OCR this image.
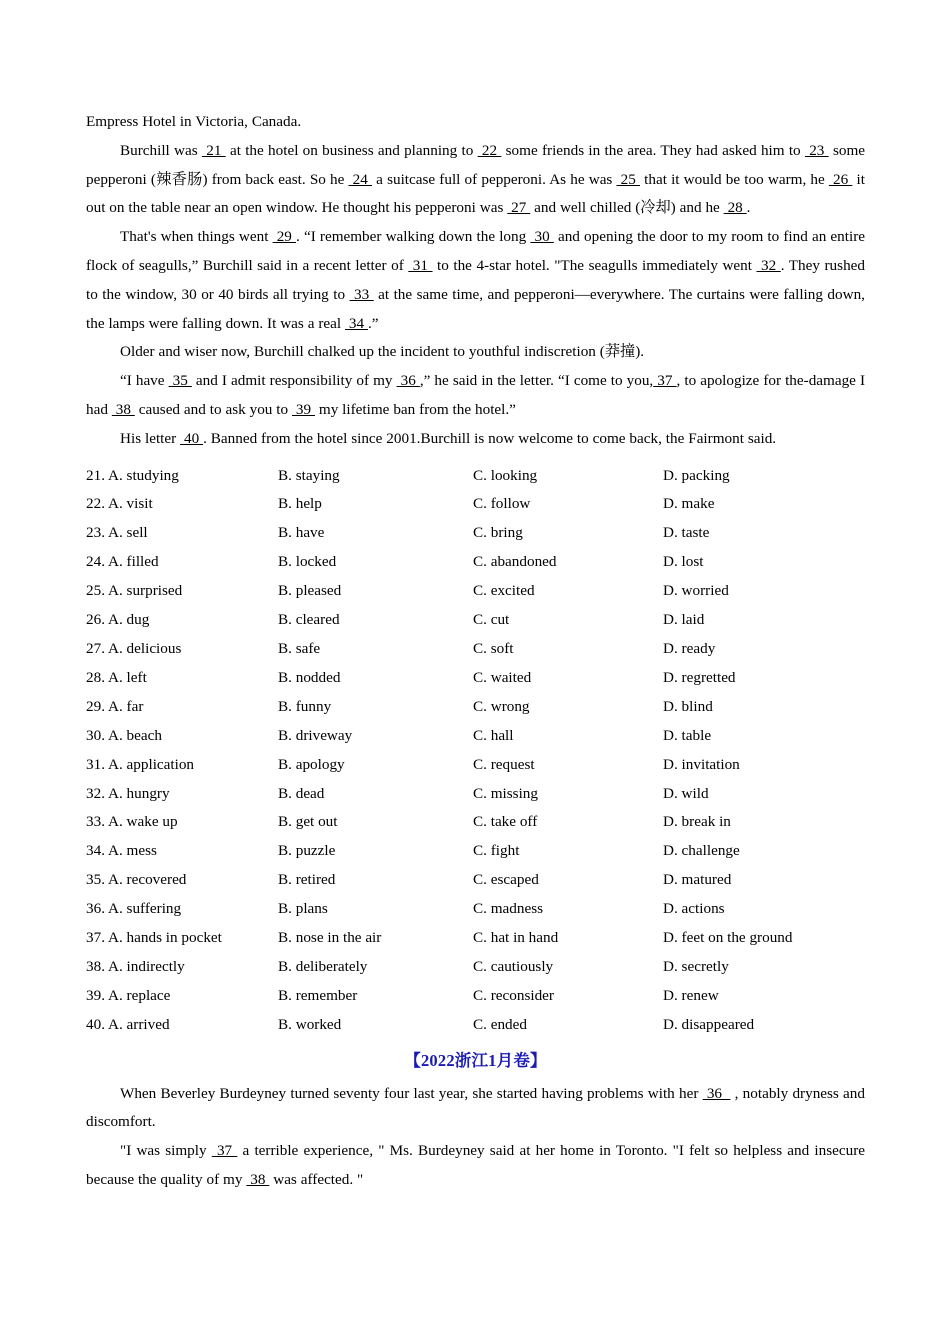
Empress Hotel in Victoria, Canada.

Burchill was  21  at the hotel on business and planning to  22  some friends in the area. They had asked him to  23  some pepperoni (辣香肠) from back east. So he  24  a suitcase full of pepperoni. As he was  25  that it would be too warm, he  26  it out on the table near an open window. He thought his pepperoni was  27  and well chilled (冷却) and he  28 .

That's when things went  29 . “I remember walking down the long  30  and opening the door to my room to find an entire flock of seagulls,” Burchill said in a recent letter of  31  to the 4-star hotel. "The seagulls immediately went  32 . They rushed to the window, 30 or 40 birds all trying to  33  at the same time, and pepperoni—everywhere. The curtains were falling down, the lamps were falling down. It was a real  34 .”

Older and wiser now, Burchill chalked up the incident to youthful indiscretion (莽撞).

“I have  35  and I admit responsibility of my  36 ,” he said in the letter. “I come to you, 37 , to apologize for the-damage I had  38  caused and to ask you to  39  my lifetime ban from the hotel.”

His letter  40 . Banned from the hotel since 2001.Burchill is now welcome to come back, the Fairmont said.

21. A. studying	B. staying	C. looking	D. packing
22. A. visit	B. help	C. follow	D. make
23. A. sell	B. have	C. bring	D. taste
24. A. filled	B. locked	C. abandoned	D. lost
25. A. surprised	B. pleased	C. excited	D. worried
26. A. dug	B. cleared	C. cut	D. laid
27. A. delicious	B. safe	C. soft	D. ready
28. A. left	B. nodded	C. waited	D. regretted
29. A. far	B. funny	C. wrong	D. blind
30. A. beach	B. driveway	C. hall	D. table
31. A. application	B. apology	C. request	D. invitation
32. A. hungry	B. dead	C. missing	D. wild
33. A. wake up	B. get out	C. take off	D. break in
34. A. mess	B. puzzle	C. fight	D. challenge
35. A. recovered	B. retired	C. escaped	D. matured
36. A. suffering	B. plans	C. madness	D. actions
37. A. hands in pocket	B. nose in the air	C. hat in hand	D. feet on the ground
38. A. indirectly	B. deliberately	C. cautiously	D. secretly
39. A. replace	B. remember	C. reconsider	D. renew
40. A. arrived	B. worked	C. ended	D. disappeared
【2022浙江1月卷】

When Beverley Burdeyney turned seventy four last year, she started having problems with her  36   , notably dryness and discomfort.

"I was simply  37  a terrible experience, " Ms. Burdeyney said at her home in Toronto. "I felt so helpless and insecure because the quality of my  38  was affected. "
